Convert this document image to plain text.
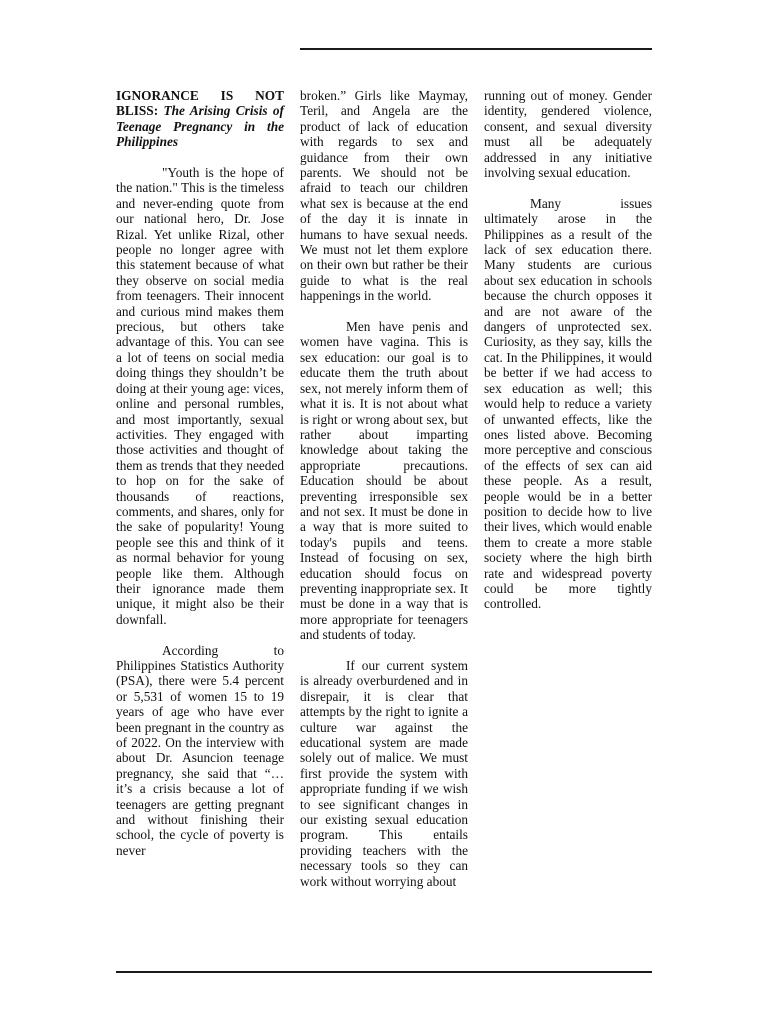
IGNORANCE IS NOT BLISS: The Arising Crisis of Teenage Pregnancy in the Philippines

"Youth is the hope of the nation." This is the timeless and never-ending quote from our national hero, Dr. Jose Rizal. Yet unlike Rizal, other people no longer agree with this statement because of what they observe on social media from teenagers. Their innocent and curious mind makes them precious, but others take advantage of this. You can see a lot of teens on social media doing things they shouldn’t be doing at their young age: vices, online and personal rumbles, and most importantly, sexual activities. They engaged with those activities and thought of them as trends that they needed to hop on for the sake of thousands of reactions, comments, and shares, only for the sake of popularity! Young people see this and think of it as normal behavior for young people like them. Although their ignorance made them unique, it might also be their downfall.

According to Philippines Statistics Authority (PSA), there were 5.4 percent or 5,531 of women 15 to 19 years of age who have ever been pregnant in the country as of 2022. On the interview with about Dr. Asuncion teenage pregnancy, she said that “… it’s a crisis because a lot of teenagers are getting pregnant and without finishing their school, the cycle of poverty is never

broken.” Girls like Maymay, Teril, and Angela are the product of lack of education with regards to sex and guidance from their own parents. We should not be afraid to teach our children what sex is because at the end of the day it is innate in humans to have sexual needs. We must not let them explore on their own but rather be their guide to what is the real happenings in the world.

Men have penis and women have vagina. This is sex education: our goal is to educate them the truth about sex, not merely inform them of what it is. It is not about what is right or wrong about sex, but rather about imparting knowledge about taking the appropriate precautions. Education should be about preventing irresponsible sex and not sex. It must be done in a way that is more suited to today's pupils and teens. Instead of focusing on sex, education should focus on preventing inappropriate sex. It must be done in a way that is more appropriate for teenagers and students of today.

If our current system is already overburdened and in disrepair, it is clear that attempts by the right to ignite a culture war against the educational system are made solely out of malice. We must first provide the system with appropriate funding if we wish to see significant changes in our existing sexual education program. This entails providing teachers with the necessary tools so they can work without worrying about

running out of money. Gender identity, gendered violence, consent, and sexual diversity must all be adequately addressed in any initiative involving sexual education.

Many issues ultimately arose in the Philippines as a result of the lack of sex education there. Many students are curious about sex education in schools because the church opposes it and are not aware of the dangers of unprotected sex. Curiosity, as they say, kills the cat. In the Philippines, it would be better if we had access to sex education as well; this would help to reduce a variety of unwanted effects, like the ones listed above. Becoming more perceptive and conscious of the effects of sex can aid these people. As a result, people would be in a better position to decide how to live their lives, which would enable them to create a more stable society where the high birth rate and widespread poverty could be more tightly controlled.
